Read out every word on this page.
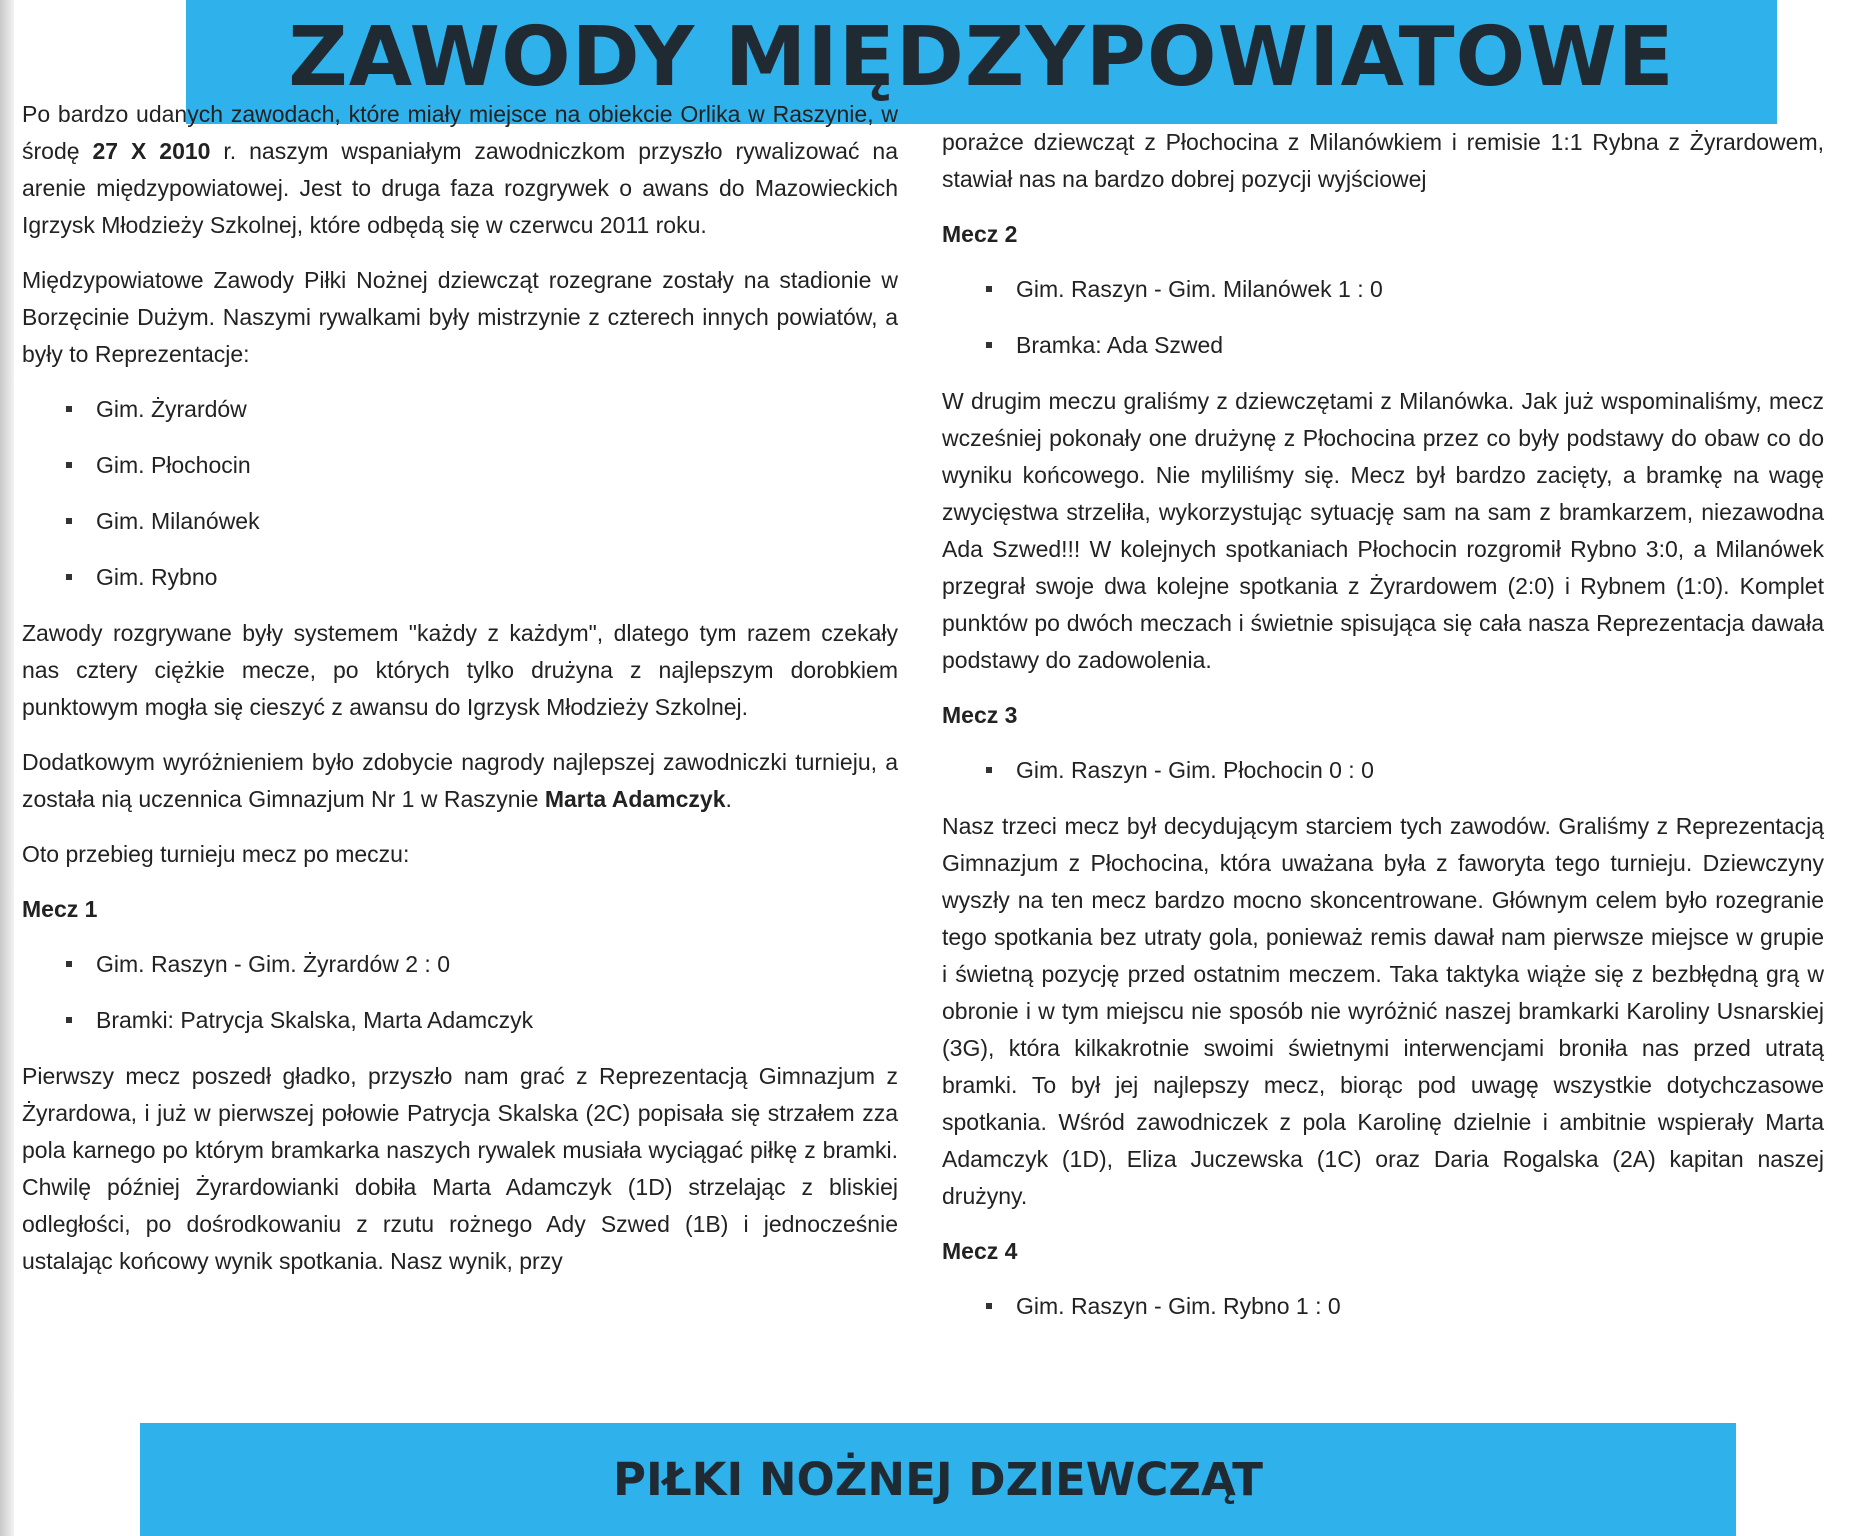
ZAWODY MIĘDZYPOWIATOWE

Po bardzo udanych zawodach, które miały miejsce na obiekcie Orlika w Raszynie, w środę 27 X 2010 r. naszym wspaniałym zawodniczkom przyszło rywalizować na arenie międzypowiatowej. Jest to druga faza rozgrywek o awans do Mazowieckich Igrzysk Młodzieży Szkolnej, które odbędą się w czerwcu 2011 roku.

Międzypowiatowe Zawody Piłki Nożnej dziewcząt rozegrane zostały na stadionie w Borzęcinie Dużym. Naszymi rywalkami były mistrzynie z czterech innych powiatów, a były to Reprezentacje:

Gim. Żyrardów
Gim. Płochocin
Gim. Milanówek
Gim. Rybno

Zawody rozgrywane były systemem "każdy z każdym", dlatego tym razem czekały nas cztery ciężkie mecze, po których tylko drużyna z najlepszym dorobkiem punktowym mogła się cieszyć z awansu do Igrzysk Młodzieży Szkolnej.

Dodatkowym wyróżnieniem było zdobycie nagrody najlepszej zawodniczki turnieju, a została nią uczennica Gimnazjum Nr 1 w Raszynie Marta Adamczyk.

Oto przebieg turnieju mecz po meczu:

Mecz 1
Gim. Raszyn - Gim. Żyrardów 2 : 0
Bramki: Patrycja Skalska, Marta Adamczyk

Pierwszy mecz poszedł gładko, przyszło nam grać z Reprezentacją Gimnazjum z Żyrardowa, i już w pierwszej połowie Patrycja Skalska (2C) popisała się strzałem zza pola karnego po którym bramkarka naszych rywalek musiała wyciągać piłkę z bramki. Chwilę później Żyrardowianki dobiła Marta Adamczyk (1D) strzelając z bliskiej odległości, po dośrodkowaniu z rzutu rożnego Ady Szwed (1B) i jednocześnie ustalając końcowy wynik spotkania. Nasz wynik, przy

porażce dziewcząt z Płochocina z Milanówkiem i remisie 1:1 Rybna z Żyrardowem, stawiał nas na bardzo dobrej pozycji wyjściowej

Mecz 2
Gim. Raszyn - Gim. Milanówek 1 : 0
Bramka: Ada Szwed

W drugim meczu graliśmy z dziewczętami z Milanówka. Jak już wspominaliśmy, mecz wcześniej pokonały one drużynę z Płochocina przez co były podstawy do obaw co do wyniku końcowego. Nie myliliśmy się. Mecz był bardzo zacięty, a bramkę na wagę zwycięstwa strzeliła, wykorzystując sytuację sam na sam z bramkarzem, niezawodna Ada Szwed!!! W kolejnych spotkaniach Płochocin rozgromił Rybno 3:0, a Milanówek przegrał swoje dwa kolejne spotkania z Żyrardowem (2:0) i Rybnem (1:0). Komplet punktów po dwóch meczach i świetnie spisująca się cała nasza Reprezentacja dawała podstawy do zadowolenia.

Mecz 3
Gim. Raszyn - Gim. Płochocin 0 : 0

Nasz trzeci mecz był decydującym starciem tych zawodów. Graliśmy z Reprezentacją Gimnazjum z Płochocina, która uważana była z faworyta tego turnieju. Dziewczyny wyszły na ten mecz bardzo mocno skoncentrowane. Głównym celem było rozegranie tego spotkania bez utraty gola, ponieważ remis dawał nam pierwsze miejsce w grupie i świetną pozycję przed ostatnim meczem. Taka taktyka wiąże się z bezbłędną grą w obronie i w tym miejscu nie sposób nie wyróżnić naszej bramkarki Karoliny Usnarskiej (3G), która kilkakrotnie swoimi świetnymi interwencjami broniła nas przed utratą bramki. To był jej najlepszy mecz, biorąc pod uwagę wszystkie dotychczasowe spotkania. Wśród zawodniczek z pola Karolinę dzielnie i ambitnie wspierały Marta Adamczyk (1D), Eliza Juczewska (1C) oraz Daria Rogalska (2A) kapitan naszej drużyny.

Mecz 4
Gim. Raszyn - Gim. Rybno 1 : 0
PIŁKI NOŻNEJ DZIEWCZĄT
